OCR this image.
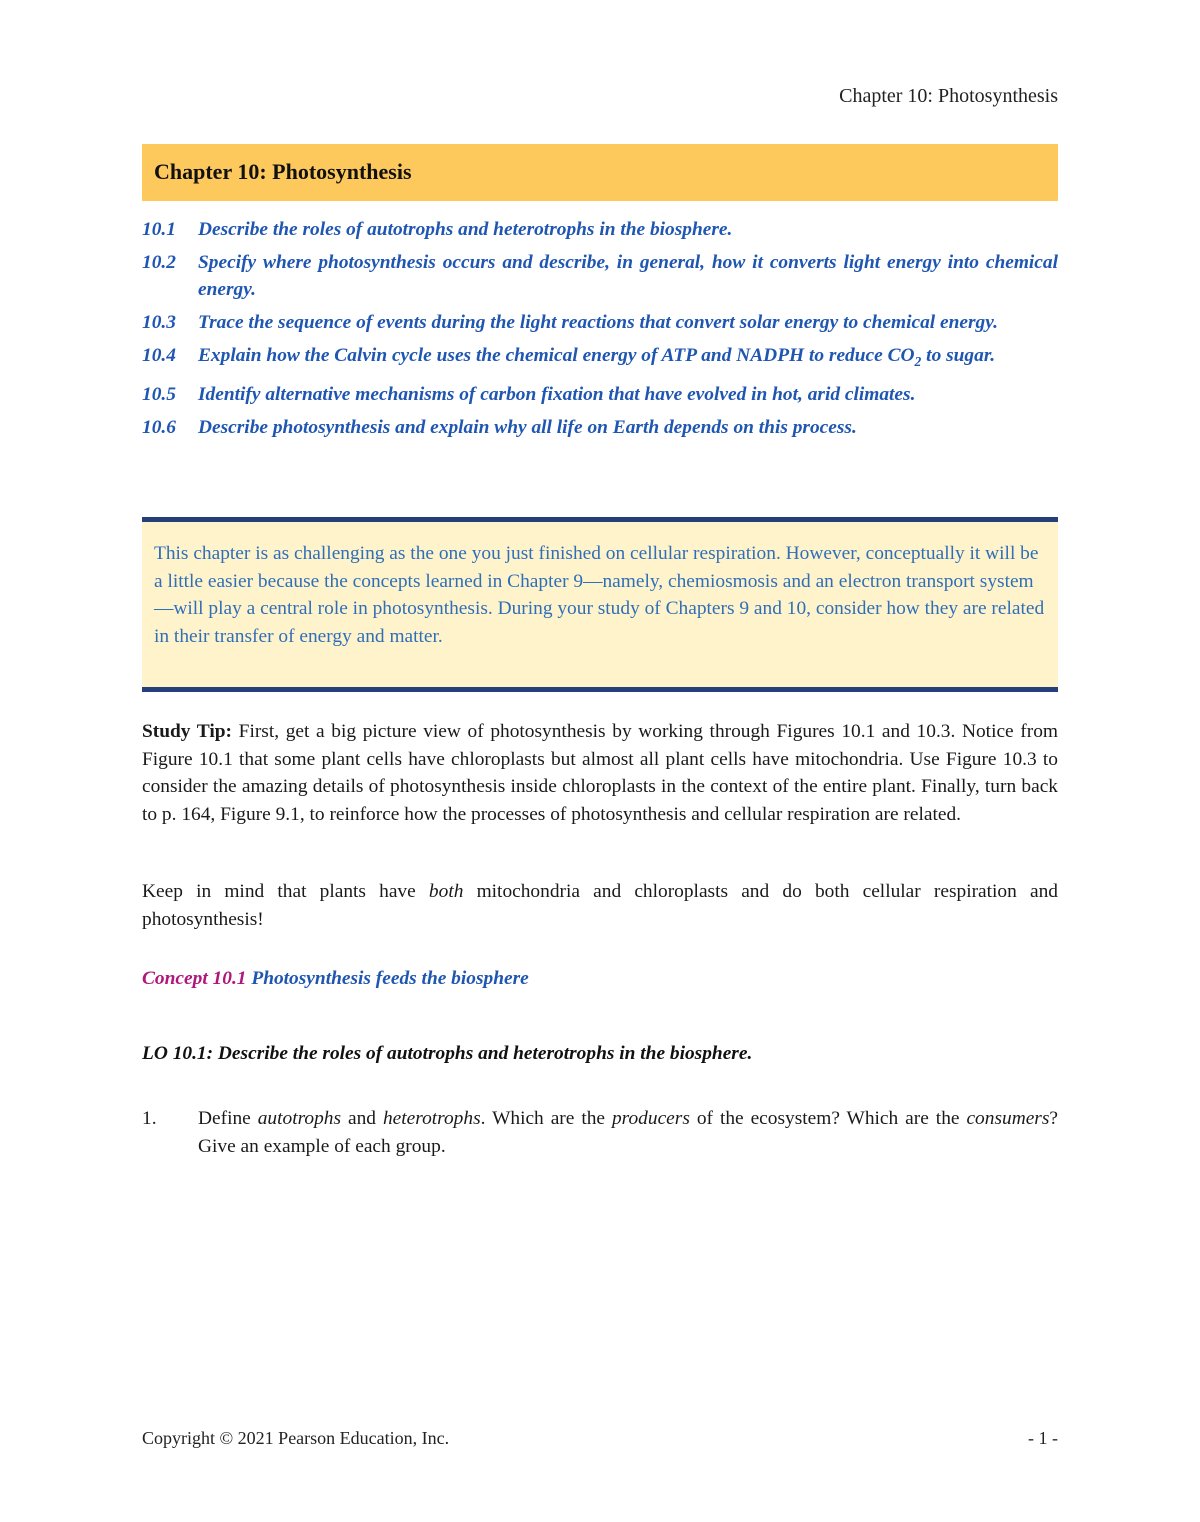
Chapter 10: Photosynthesis
Chapter 10: Photosynthesis
10.1	Describe the roles of autotrophs and heterotrophs in the biosphere.
10.2	Specify where photosynthesis occurs and describe, in general, how it converts light energy into chemical energy.
10.3	Trace the sequence of events during the light reactions that convert solar energy to chemical energy.
10.4	Explain how the Calvin cycle uses the chemical energy of ATP and NADPH to reduce $CO_2$ to sugar.
10.5	Identify alternative mechanisms of carbon fixation that have evolved in hot, arid climates.
10.6	Describe photosynthesis and explain why all life on Earth depends on this process.
This chapter is as challenging as the one you just finished on cellular respiration. However, conceptually it will be a little easier because the concepts learned in Chapter 9—namely, chemiosmosis and an electron transport system—will play a central role in photosynthesis. During your study of Chapters 9 and 10, consider how they are related in their transfer of energy and matter.
Study Tip: First, get a big picture view of photosynthesis by working through Figures 10.1 and 10.3. Notice from Figure 10.1 that some plant cells have chloroplasts but almost all plant cells have mitochondria. Use Figure 10.3 to consider the amazing details of photosynthesis inside chloroplasts in the context of the entire plant. Finally, turn back to p. 164, Figure 9.1, to reinforce how the processes of photosynthesis and cellular respiration are related.
Keep in mind that plants have both mitochondria and chloroplasts and do both cellular respiration and photosynthesis!
Concept 10.1 Photosynthesis feeds the biosphere
LO 10.1: Describe the roles of autotrophs and heterotrophs in the biosphere.
1.	Define autotrophs and heterotrophs. Which are the producers of the ecosystem? Which are the consumers? Give an example of each group.
Copyright © 2021 Pearson Education, Inc.	- 1 -
